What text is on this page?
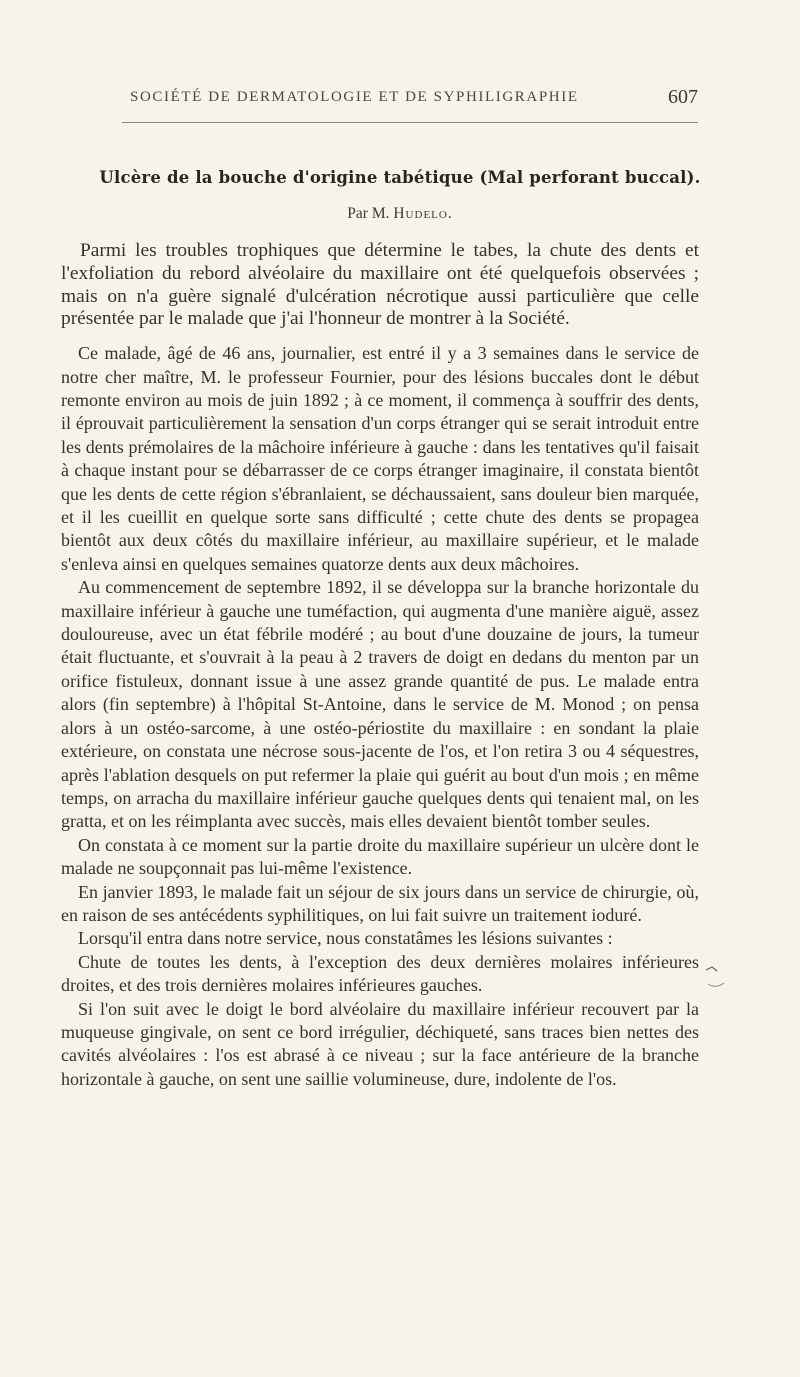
SOCIÉTÉ DE DERMATOLOGIE ET DE SYPHILIGRAPHIE	607
Ulcère de la bouche d'origine tabétique (Mal perforant buccal).
Par M. Hudelo.

Parmi les troubles trophiques que détermine le tabes, la chute des dents et l'exfoliation du rebord alvéolaire du maxillaire ont été quelquefois observées ; mais on n'a guère signalé d'ulcération nécrotique aussi particulière que celle présentée par le malade que j'ai l'honneur de montrer à la Société.

Ce malade, âgé de 46 ans, journalier, est entré il y a 3 semaines dans le service de notre cher maître, M. le professeur Fournier, pour des lésions buccales dont le début remonte environ au mois de juin 1892 ; à ce moment, il commença à souffrir des dents, il éprouvait particulièrement la sensation d'un corps étranger qui se serait introduit entre les dents prémolaires de la mâchoire inférieure à gauche : dans les tentatives qu'il faisait à chaque instant pour se débarrasser de ce corps étranger imaginaire, il constata bientôt que les dents de cette région s'ébranlaient, se déchaussaient, sans douleur bien marquée, et il les cueillit en quelque sorte sans difficulté ; cette chute des dents se propagea bientôt aux deux côtés du maxillaire inférieur, au maxillaire supérieur, et le malade s'enleva ainsi en quelques semaines quatorze dents aux deux mâchoires.

Au commencement de septembre 1892, il se développa sur la branche horizontale du maxillaire inférieur à gauche une tuméfaction, qui augmenta d'une manière aiguë, assez douloureuse, avec un état fébrile modéré ; au bout d'une douzaine de jours, la tumeur était fluctuante, et s'ouvrait à la peau à 2 travers de doigt en dedans du menton par un orifice fistuleux, donnant issue à une assez grande quantité de pus. Le malade entra alors (fin septembre) à l'hôpital St-Antoine, dans le service de M. Monod ; on pensa alors à un ostéo-sarcome, à une ostéo-périostite du maxillaire : en sondant la plaie extérieure, on constata une nécrose sous-jacente de l'os, et l'on retira 3 ou 4 séquestres, après l'ablation desquels on put refermer la plaie qui guérit au bout d'un mois ; en même temps, on arracha du maxillaire inférieur gauche quelques dents qui tenaient mal, on les gratta, et on les réimplanta avec succès, mais elles devaient bientôt tomber seules.

On constata à ce moment sur la partie droite du maxillaire supérieur un ulcère dont le malade ne soupçonnait pas lui-même l'existence.

En janvier 1893, le malade fait un séjour de six jours dans un service de chirurgie, où, en raison de ses antécédents syphilitiques, on lui fait suivre un traitement ioduré.

Lorsqu'il entra dans notre service, nous constatâmes les lésions suivantes :

Chute de toutes les dents, à l'exception des deux dernières molaires inférieures droites, et des trois dernières molaires inférieures gauches.

Si l'on suit avec le doigt le bord alvéolaire du maxillaire inférieur recouvert par la muqueuse gingivale, on sent ce bord irrégulier, déchiqueté, sans traces bien nettes des cavités alvéolaires : l'os est abrasé à ce niveau ; sur la face antérieure de la branche horizontale à gauche, on sent une saillie volumineuse, dure, indolente de l'os.
